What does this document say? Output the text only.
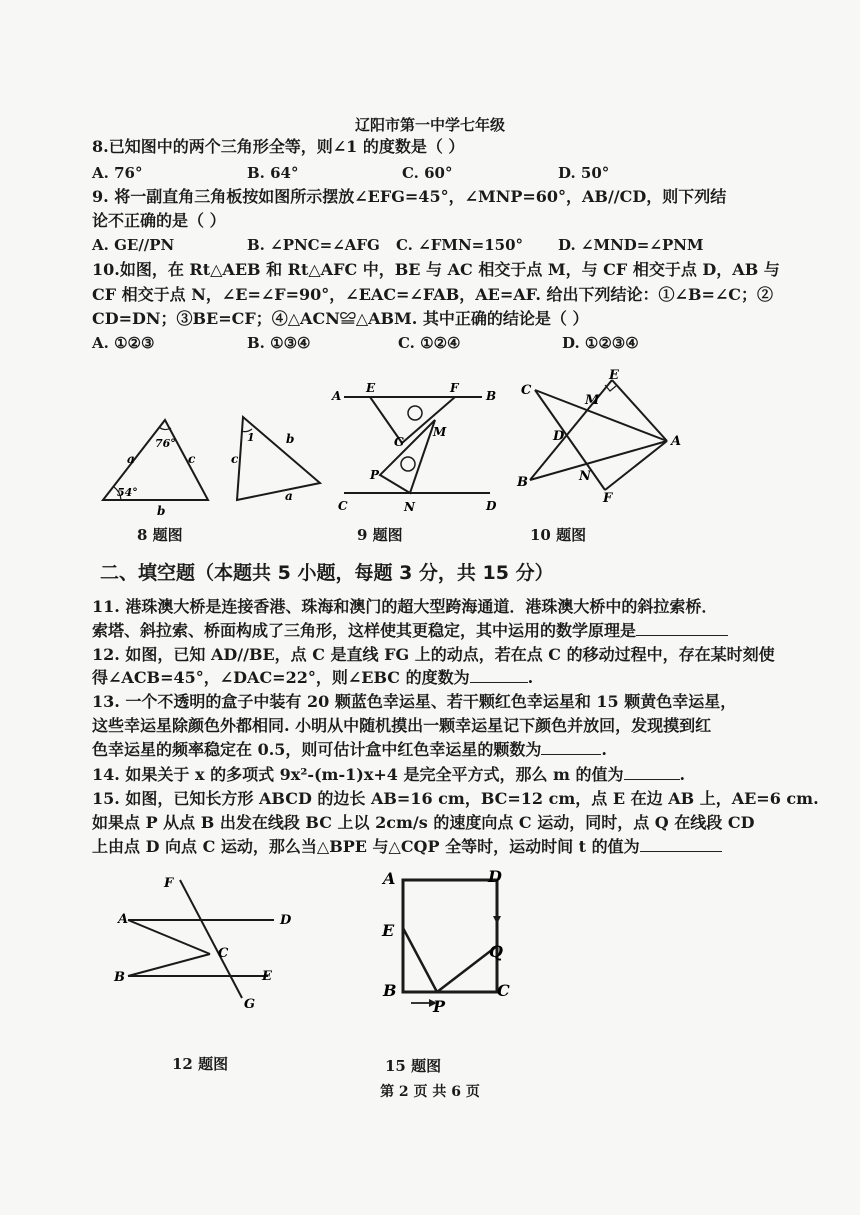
辽阳市第一中学七年级
8.已知图中的两个三角形全等，则∠1 的度数是（ ）
A. 76°	B. 64°	C. 60°	D. 50°
9. 将一副直角三角板按如图所示摆放∠EFG=45°，∠MNP=60°，AB//CD，则下列结
论不正确的是（ ）
A. GE//PN	B. ∠PNC=∠AFG C. ∠FMN=150° D. ∠MND=∠PNM
10.如图，在 Rt△AEB 和 Rt△AFC 中，BE 与 AC 相交于点 M，与 CF 相交于点 D，AB 与
CF 相交于点 N，∠E=∠F=90°，∠EAC=∠FAB，AE=AF. 给出下列结论：①∠B=∠C；②
CD=DN；③BE=CF；④△ACN≌△ABM. 其中正确的结论是（ ）
A. ①②③	B. ①③④	C. ①②④	D. ①②③④
a	c
b
76°
54°
1	b
c
a
8 题图
A
E	F
B
G
M
P
C	N	D
9 题图
C
E
M
D	A
B	N
F
10 题图
二、填空题（本题共 5 小题，每题 3 分，共 15 分）
11. 港珠澳大桥是连接香港、珠海和澳门的超大型跨海通道．港珠澳大桥中的斜拉索桥．
索塔、斜拉索、桥面构成了三角形，这样使其更稳定，其中运用的数学原理是
12. 如图，已知 AD//BE，点 C 是直线 FG 上的动点，若在点 C 的移动过程中，存在某时刻使
得∠ACB=45°，∠DAC=22°，则∠EBC 的度数为	.
13. 一个不透明的盒子中装有 20 颗蓝色幸运星、若干颗红色幸运星和 15 颗黄色幸运星，
这些幸运星除颜色外都相同. 小明从中随机摸出一颗幸运星记下颜色并放回，发现摸到红
色幸运星的频率稳定在 0.5，则可估计盒中红色幸运星的颗数为	.
14. 如果关于 x 的多项式 9x²-(m-1)x+4 是完全平方式，那么 m 的值为	.
15. 如图，已知长方形 ABCD 的边长 AB=16 cm，BC=12 cm，点 E 在边 AB 上，AE=6 cm.
如果点 P 从点 B 出发在线段 BC 上以 2cm/s 的速度向点 C 运动，同时，点 Q 在线段 CD
上由点 D 向点 C 运动，那么当△BPE 与△CQP 全等时，运动时间 t 的值为
F
A	D
C
B	E
G
12 题图
A	D
E
Q
B
P
C
15 题图
第 2 页 共 6 页
